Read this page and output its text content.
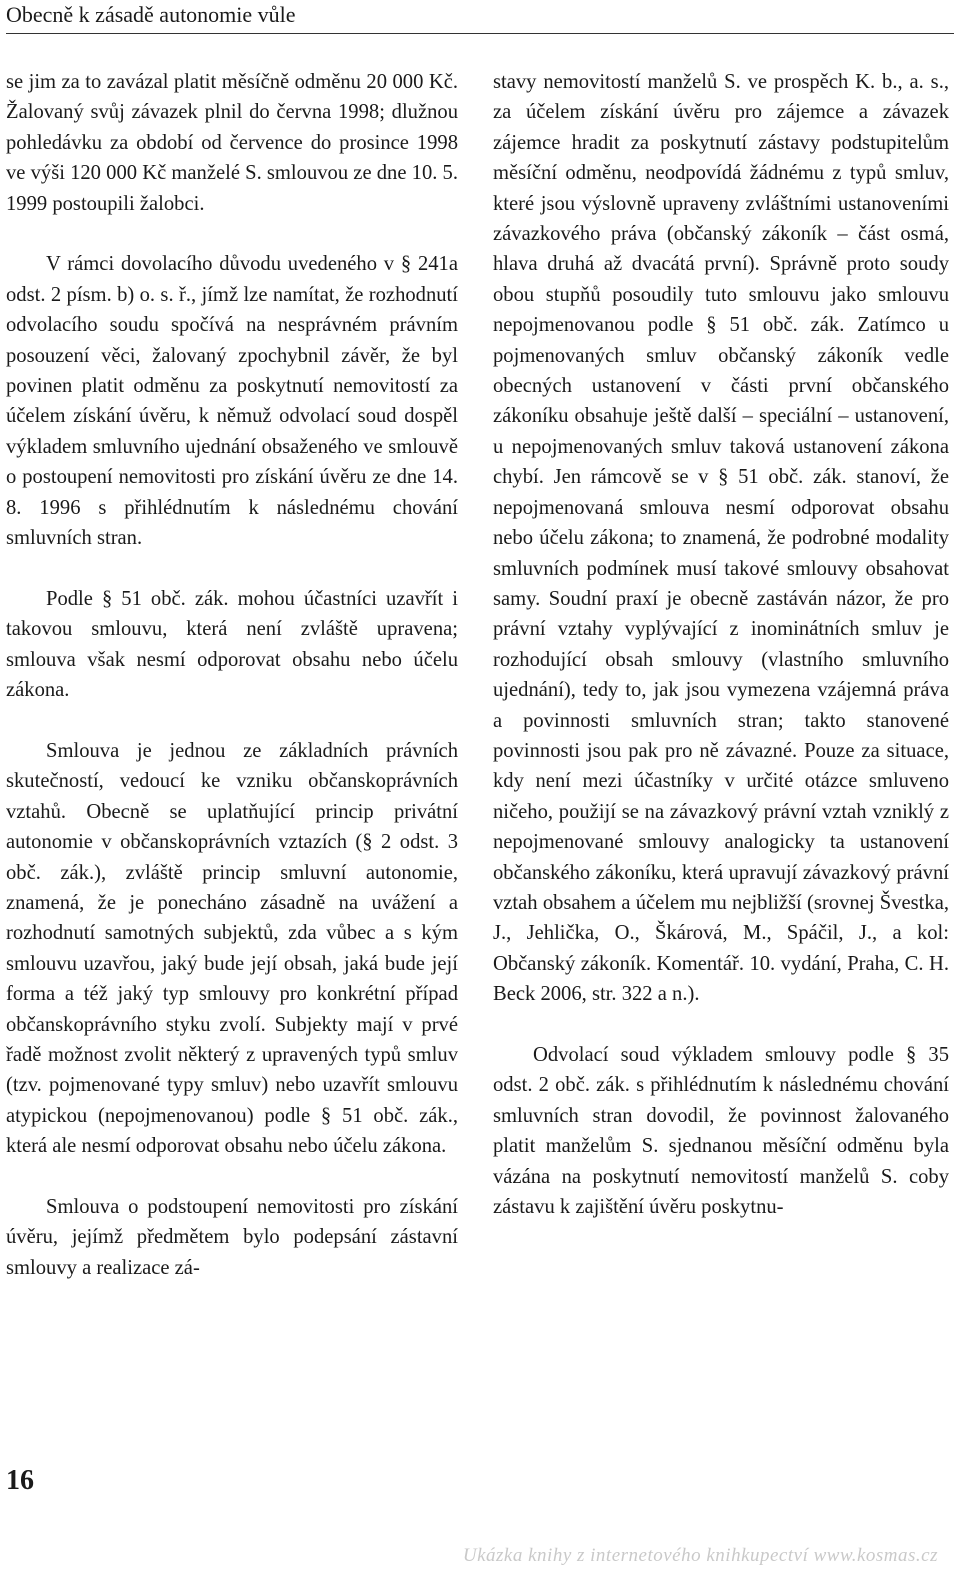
Obecně k zásadě autonomie vůle

se jim za to zavázal platit měsíčně odměnu 20 000 Kč. Žalovaný svůj závazek plnil do června 1998; dlužnou pohledávku za období od července do prosince 1998 ve výši 120 000 Kč manželé S. smlouvou ze dne 10. 5. 1999 postoupili žalobci.

V rámci dovolacího důvodu uvedeného v § 241a odst. 2 písm. b) o. s. ř., jímž lze namítat, že rozhodnutí odvolacího soudu spočívá na nesprávném právním posouzení věci, žalovaný zpochybnil závěr, že byl povinen platit odměnu za poskytnutí nemovitostí za účelem získání úvěru, k němuž odvolací soud dospěl výkladem smluvního ujednání obsaženého ve smlouvě o postoupení nemovitosti pro získání úvěru ze dne 14. 8. 1996 s přihlédnutím k následnému chování smluvních stran.

Podle § 51 obč. zák. mohou účastníci uzavřít i takovou smlouvu, která není zvláště upravena; smlouva však nesmí odporovat obsahu nebo účelu zákona.

Smlouva je jednou ze základních právních skutečností, vedoucí ke vzniku občanskoprávních vztahů. Obecně se uplatňující princip privátní autonomie v občanskoprávních vztazích (§ 2 odst. 3 obč. zák.), zvláště princip smluvní autonomie, znamená, že je ponecháno zásadně na uvážení a rozhodnutí samotných subjektů, zda vůbec a s kým smlouvu uzavřou, jaký bude její obsah, jaká bude její forma a též jaký typ smlouvy pro konkrétní případ občanskoprávního styku zvolí. Subjekty mají v prvé řadě možnost zvolit některý z upravených typů smluv (tzv. pojmenované typy smluv) nebo uzavřít smlouvu atypickou (nepojmenovanou) podle § 51 obč. zák., která ale nesmí odporovat obsahu nebo účelu zákona.

Smlouva o podstoupení nemovitosti pro získání úvěru, jejímž předmětem bylo podepsání zástavní smlouvy a realizace zá-

stavy nemovitostí manželů S. ve prospěch K. b., a. s., za účelem získání úvěru pro zájemce a závazek zájemce hradit za poskytnutí zástavy podstupitelům měsíční odměnu, neodpovídá žádnému z typů smluv, které jsou výslovně upraveny zvláštními ustanoveními závazkového práva (občanský zákoník – část osmá, hlava druhá až dvacátá první). Správně proto soudy obou stupňů posoudily tuto smlouvu jako smlouvu nepojmenovanou podle § 51 obč. zák. Zatímco u pojmenovaných smluv občanský zákoník vedle obecných ustanovení v části první občanského zákoníku obsahuje ještě další – speciální – ustanovení, u nepojmenovaných smluv taková ustanovení zákona chybí. Jen rámcově se v § 51 obč. zák. stanoví, že nepojmenovaná smlouva nesmí odporovat obsahu nebo účelu zákona; to znamená, že podrobné modality smluvních podmínek musí takové smlouvy obsahovat samy. Soudní praxí je obecně zastáván názor, že pro právní vztahy vyplývající z inominátních smluv je rozhodující obsah smlouvy (vlastního smluvního ujednání), tedy to, jak jsou vymezena vzájemná práva a povinnosti smluvních stran; takto stanovené povinnosti jsou pak pro ně závazné. Pouze za situace, kdy není mezi účastníky v určité otázce smluveno ničeho, použijí se na závazkový právní vztah vzniklý z nepojmenované smlouvy analogicky ta ustanovení občanského zákoníku, která upravují závazkový právní vztah obsahem a účelem mu nejbližší (srovnej Švestka, J., Jehlička, O., Škárová, M., Spáčil, J., a kol: Občanský zákoník. Komentář. 10. vydání, Praha, C. H. Beck 2006, str. 322 a n.).

Odvolací soud výkladem smlouvy podle § 35 odst. 2 obč. zák. s přihlédnutím k následnému chování smluvních stran dovodil, že povinnost žalovaného platit manželům S. sjednanou měsíční odměnu byla vázána na poskytnutí nemovitostí manželů S. coby zástavu k zajištění úvěru poskytnu-

16
Ukázka knihy z internetového knihkupectví www.kosmas.cz
